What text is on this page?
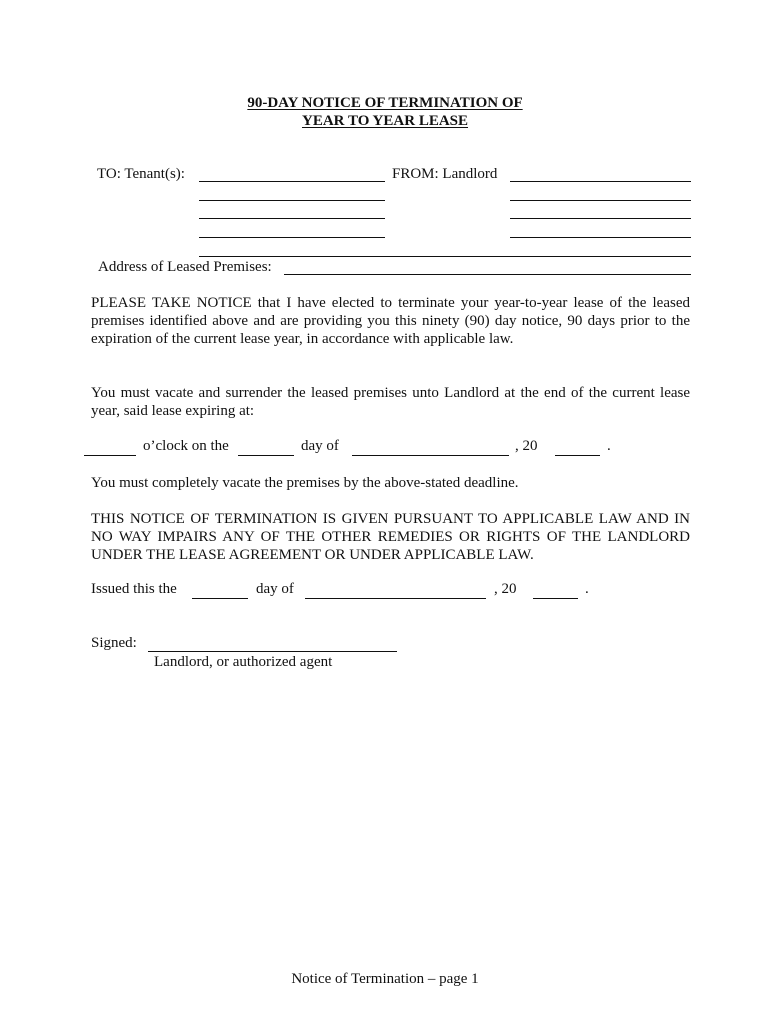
90-DAY NOTICE OF TERMINATION OF
YEAR TO YEAR LEASE
TO: Tenant(s):	FROM: Landlord
Address of Leased Premises:
PLEASE TAKE NOTICE that I have elected to terminate your year-to-year lease of the leased premises identified above and are providing you this ninety (90) day notice, 90 days prior to the expiration of the current lease year, in accordance with applicable law.
You must vacate and surrender the leased premises unto Landlord at the end of the current lease year, said lease expiring at:
o’clock on the	day of	, 20	.
You must completely vacate the premises by the above-stated deadline.
THIS NOTICE OF TERMINATION IS GIVEN PURSUANT TO APPLICABLE LAW AND IN NO WAY IMPAIRS ANY OF THE OTHER REMEDIES OR RIGHTS OF THE LANDLORD UNDER THE LEASE AGREEMENT OR UNDER APPLICABLE LAW.
Issued this the	day of	, 20	.
Signed:
Landlord, or authorized agent
Notice of Termination – page 1
